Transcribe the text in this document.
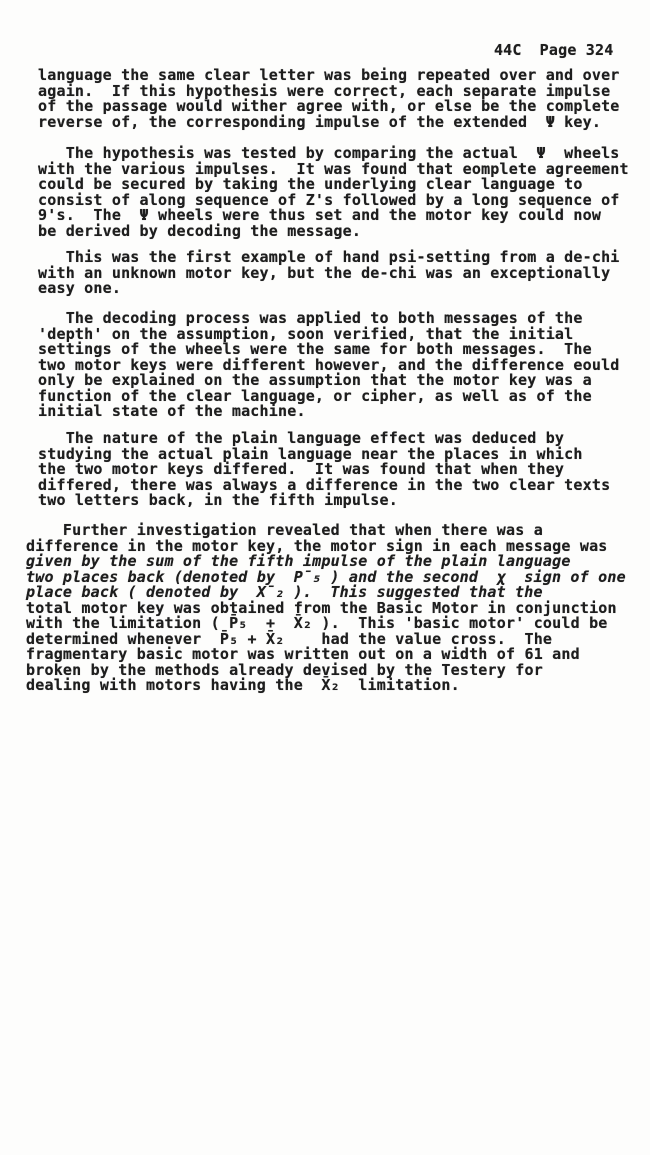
44C Page 324

language the same clear letter was being repeated over and over
again.  If this hypothesis were correct, each separate impulse
of the passage would wither agree with, or else be the complete
reverse of, the corresponding impulse of the extended  Ψ key.
The hypothesis was tested by comparing the actual  Ψ  wheels
with the various impulses.  It was found that eomplete agreement
could be secured by taking the underlying clear language to
consist of along sequence of Z's followed by a long sequence of
9's.  The  Ψ wheels were thus set and the motor key could now
be derived by decoding the message.
This was the first example of hand psi-setting from a de-chi
with an unknown motor key, but the de-chi was an exceptionally
easy one.
The decoding process was applied to both messages of the
'depth' on the assumption, soon verified, that the initial
settings of the wheels were the same for both messages.  The
two motor keys were different however, and the difference eould
only be explained on the assumption that the motor key was a
function of the clear language, or cipher, as well as of the
initial state of the machine.
The nature of the plain language effect was deduced by
studying the actual plain language near the places in which
the two motor keys differed.  It was found that when they
differed, there was always a difference in the two clear texts
two letters back, in the fifth impulse.
Further investigation revealed that when there was a
difference in the motor key, the motor sign in each message was
given by the sum of the fifth impulse of the plain language
two places back (denoted by  P̄₅ ) and the second  χ  sign of one
place back ( denoted by  X̄₂ ).  This suggested that the
total motor key was obtained from the Basic Motor in conjunction
with the limitation ( P̄₅  +  X̄₂ ).  This 'basic motor' could be
determined whenever  P̄₅ + X̄₂    had the value cross.  The
fragmentary basic motor was written out on a width of 61 and
broken by the methods already devised by the Testery for
dealing with motors having the  X̄₂  limitation.
